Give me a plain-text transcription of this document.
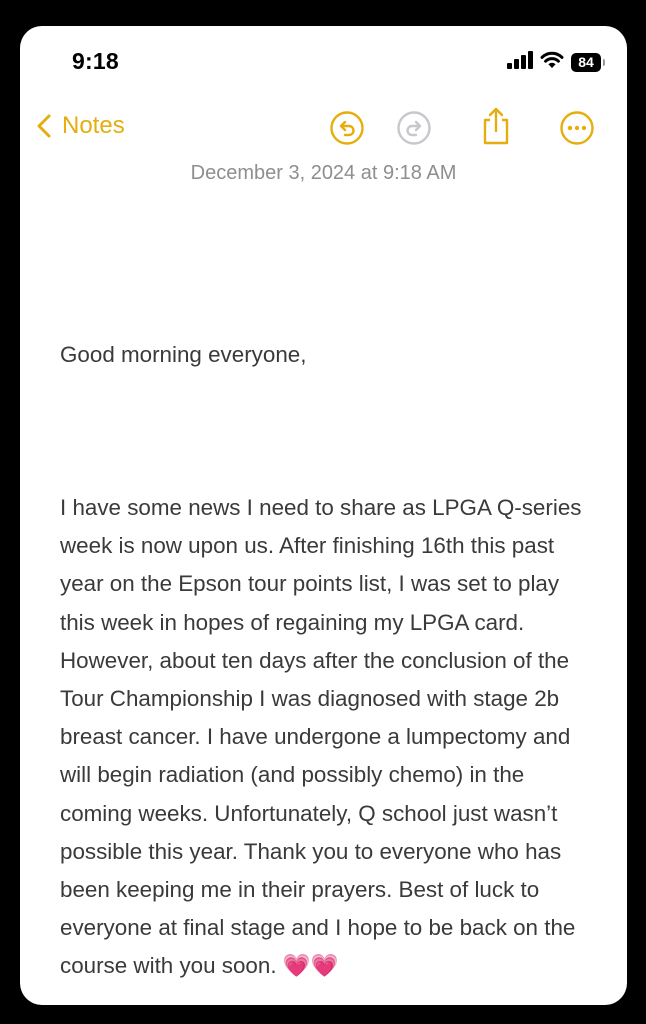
9:18	84
Notes
December 3, 2024 at 9:18 AM

Good morning everyone,

I have some news I need to share as LPGA Q-series week is now upon us. After finishing 16th this past year on the Epson tour points list, I was set to play this week in hopes of regaining my LPGA card. However, about ten days after the conclusion of the Tour Championship I was diagnosed with stage 2b breast cancer. I have undergone a lumpectomy and will begin radiation (and possibly chemo) in the coming weeks. Unfortunately, Q school just wasn’t possible this year. Thank you to everyone who has been keeping me in their prayers. Best of luck to everyone at final stage and I hope to be back on the course with you soon. 💗💗
